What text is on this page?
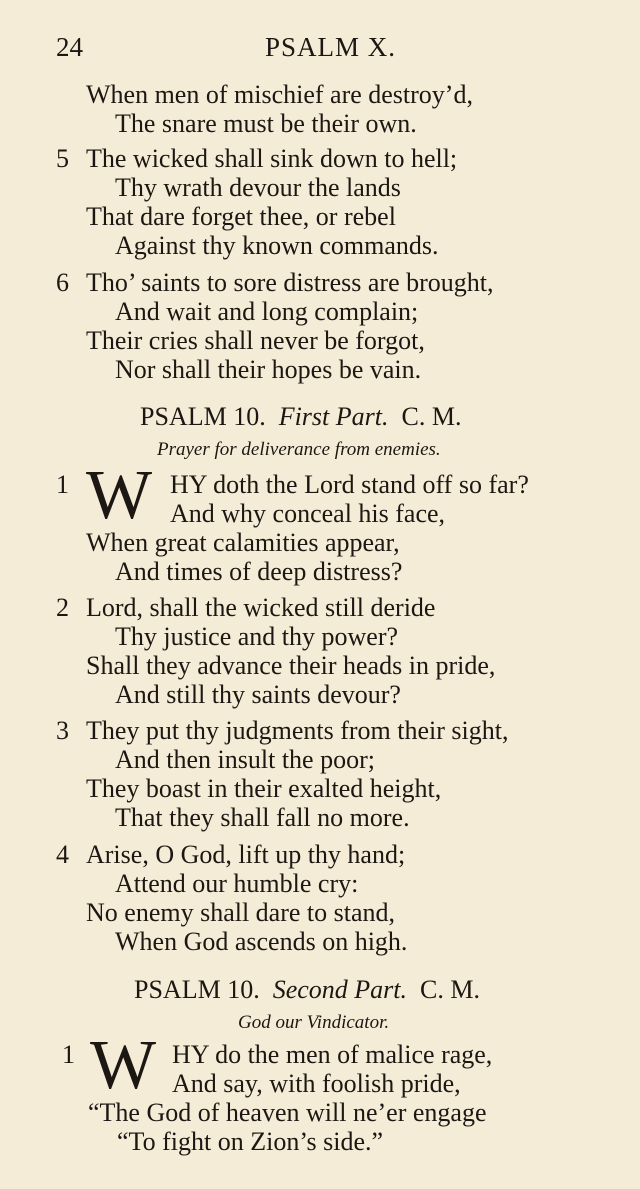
24	PSALM X.
When men of mischief are destroy’d,
The snare must be their own.
5 The wicked shall sink down to hell;
Thy wrath devour the lands
That dare forget thee, or rebel
Against thy known commands.
6 Tho’ saints to sore distress are brought,
And wait and long complain;
Their cries shall never be forgot,
Nor shall their hopes be vain.
PSALM 10. First Part. C. M.
Prayer for deliverance from enemies.
1 W HY doth the Lord stand off so far?
And why conceal his face,
When great calamities appear,
And times of deep distress?
2 Lord, shall the wicked still deride
Thy justice and thy power?
Shall they advance their heads in pride,
And still thy saints devour?
3 They put thy judgments from their sight,
And then insult the poor;
They boast in their exalted height,
That they shall fall no more.
4 Arise, O God, lift up thy hand;
Attend our humble cry:
No enemy shall dare to stand,
When God ascends on high.
PSALM 10. Second Part. C. M.
God our Vindicator.
1 W HY do the men of malice rage,
And say, with foolish pride,
“The God of heaven will ne’er engage
“To fight on Zion’s side.”
